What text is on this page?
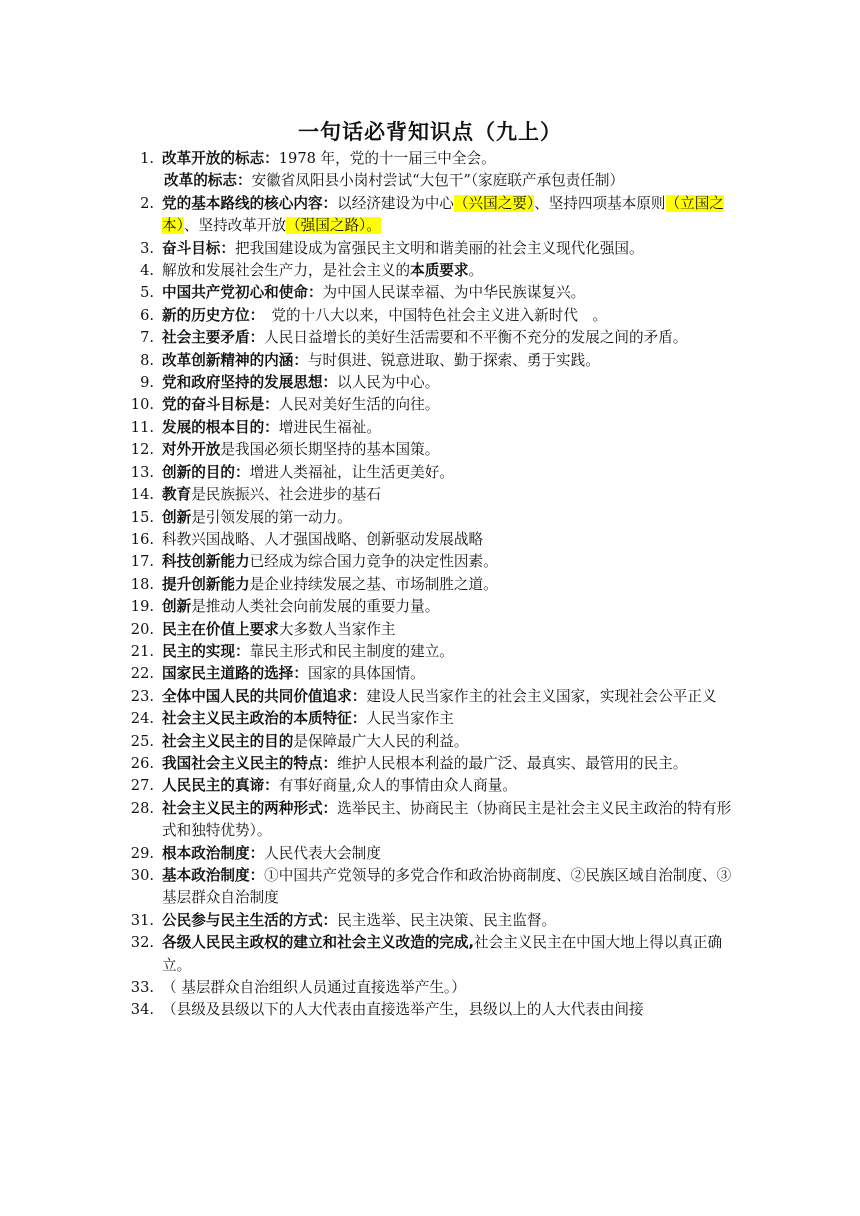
一句话必背知识点（九上）
1. 改革开放的标志：1978 年，党的十一届三中全会。
改革的标志：安徽省凤阳县小岗村尝试“大包干”（家庭联产承包责任制）
2. 党的基本路线的核心内容：以经济建设为中心（兴国之要）、坚持四项基本原则（立国之本）、坚持改革开放（强国之路）。
3. 奋斗目标：把我国建设成为富强民主文明和谐美丽的社会主义现代化强国。
4. 解放和发展社会生产力，是社会主义的本质要求。
5. 中国共产党初心和使命：为中国人民谋幸福、为中华民族谋复兴。
6. 新的历史方位：　党的十八大以来，中国特色社会主义进入新时代　。
7. 社会主要矛盾：人民日益增长的美好生活需要和不平衡不充分的发展之间的矛盾。
8. 改革创新精神的内涵：与时俱进、锐意进取、勤于探索、勇于实践。
9. 党和政府坚持的发展思想：以人民为中心。
10. 党的奋斗目标是：人民对美好生活的向往。
11. 发展的根本目的：增进民生福祉。
12. 对外开放是我国必须长期坚持的基本国策。
13. 创新的目的：增进人类福祉，让生活更美好。
14. 教育是民族振兴、社会进步的基石
15. 创新是引领发展的第一动力。
16. 科教兴国战略、人才强国战略、创新驱动发展战略
17. 科技创新能力已经成为综合国力竞争的决定性因素。
18. 提升创新能力是企业持续发展之基、市场制胜之道。
19. 创新是推动人类社会向前发展的重要力量。
20. 民主在价值上要求大多数人当家作主
21. 民主的实现：靠民主形式和民主制度的建立。
22. 国家民主道路的选择：国家的具体国情。
23. 全体中国人民的共同价值追求：建设人民当家作主的社会主义国家，实现社会公平正义
24. 社会主义民主政治的本质特征：人民当家作主
25. 社会主义民主的目的是保障最广大人民的利益。
26. 我国社会主义民主的特点：维护人民根本利益的最广泛、最真实、最管用的民主。
27. 人民民主的真谛：有事好商量,众人的事情由众人商量。
28. 社会主义民主的两种形式：选举民主、协商民主（协商民主是社会主义民主政治的特有形式和独特优势）。
29. 根本政治制度：人民代表大会制度
30. 基本政治制度：①中国共产党领导的多党合作和政治协商制度、②民族区域自治制度、③基层群众自治制度
31. 公民参与民主生活的方式：民主选举、民主决策、民主监督。
32. 各级人民民主政权的建立和社会主义改造的完成,社会主义民主在中国大地上得以真正确立。
33. （ 基层群众自治组织人员通过直接选举产生。）
34. （县级及县级以下的人大代表由直接选举产生，县级以上的人大代表由间接
